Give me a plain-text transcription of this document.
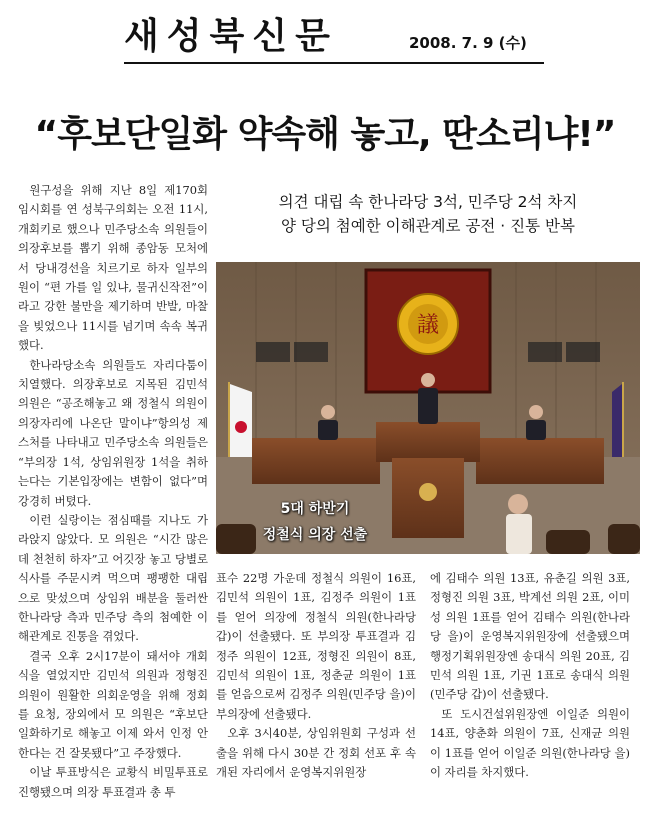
새성북신문	2008. 7. 9 (수)
“후보단일화 약속해 놓고, 딴소리냐!”

원구성을 위해 지난 8일 제170회 임시회를 연 성북구의회는 오전 11시, 개회키로 했으나 민주당소속 의원들이 의장후보를 뽑기 위해 종암동 모처에서 당내경선을 치르기로 하자 일부의원이 “편 가를 일 있냐, 물귀신작전”이라고 강한 불만을 제기하며 반발, 마찰을 빚었으나 11시를 넘기며 속속 복귀했다.

한나라당소속 의원들도 자리다툼이 치열했다. 의장후보로 지목된 김민석 의원은 “공조해놓고 왜 정철식 의원이 의장자리에 나온단 말이냐”항의성 제스처를 나타내고 민주당소속 의원들은 “부의장 1석, 상임위원장 1석을 취하는다는 기본입장에는 변함이 없다”며 강경히 버텼다.

이런 실랑이는 점심때를 지나도 가라앉지 않았다. 모 의원은 “시간 많은데 천천히 하자”고 어깃장 놓고 당별로 식사를 주문시켜 먹으며 팽팽한 대립으로 맞섰으며 상임위 배분을 둘러싼 한나라당 측과 민주당 측의 첨예한 이해관계로 진통을 겪었다.

결국 오후 2시17분이 돼서야 개회식을 열었지만 김민석 의원과 정형진 의원이 원활한 의회운영을 위해 정회를 요청, 장외에서 모 의원은 “후보단일화하기로 해놓고 이제 와서 인정 안 한다는 건 잘못됐다”고 주장했다.

이날 투표방식은 교황식 비밀투표로 진행됐으며 의장 투표결과 총 투

의견 대립 속 한나라당 3석, 민주당 2석 차지
양 당의 첨예한 이해관계로 공전 · 진통 반복
議
5대 하반기
정철식 의장 선출

표수 22명 가운데 정철식 의원이 16표, 김민석 의원이 1표, 김정주 의원이 1표를 얻어 의장에 정철식 의원(한나라당 갑)이 선출됐다. 또 부의장 투표결과 김정주 의원이 12표, 정형진 의원이 8표, 김민석 의원이 1표, 정춘균 의원이 1표를 얻음으로써 김정주 의원(민주당 을)이 부의장에 선출됐다.

오후 3시40분, 상임위원회 구성과 선출을 위해 다시 30분 간 정회 선포 후 속개된 자리에서 운영복지위원장

에 김태수 의원 13표, 유춘길 의원 3표, 정형진 의원 3표, 박계선 의원 2표, 이미성 의원 1표를 얻어 김태수 의원(한나라당 을)이 운영복지위원장에 선출됐으며 행정기획위원장엔 송대식 의원 20표, 김민석 의원 1표, 기권 1표로 송대식 의원(민주당 갑)이 선출됐다.

또 도시건설위원장엔 이일준 의원이 14표, 양춘화 의원이 7표, 신재균 의원이 1표를 얻어 이일준 의원(한나라당 을)이 자리를 차지했다.
